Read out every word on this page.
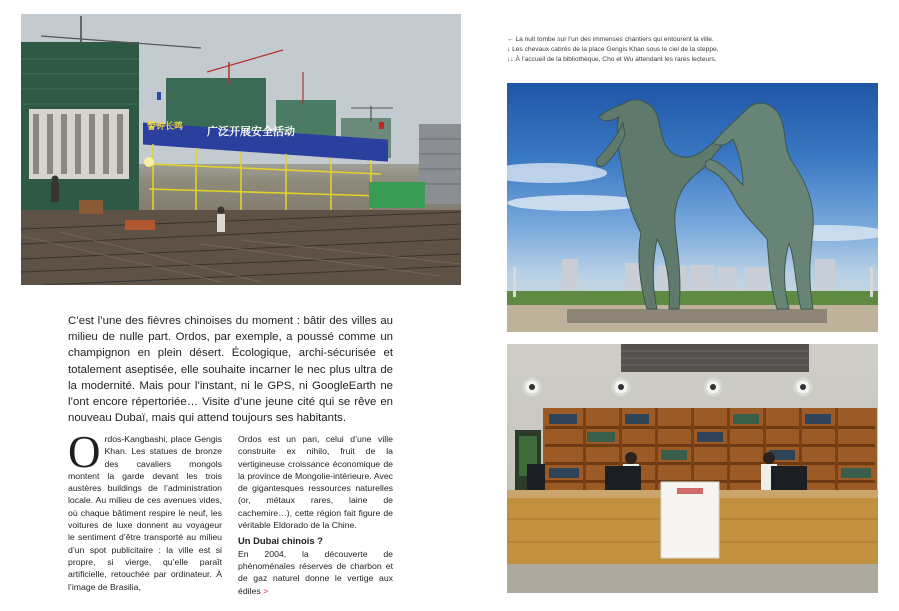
广泛开展安全活动
警钟长鸣
← La nuit tombe sur l’un des immenses chantiers qui entourent la ville.
↓ Les chevaux cabrés de la place Gengis Khan sous le ciel de la steppe.
↓↓ À l’accueil de la bibliothèque, Cho et Wu attendant les rares lecteurs.

C’est l’une des fièvres chinoises du moment : bâtir des villes au milieu de nulle part. Ordos, par exemple, a poussé comme un champignon en plein désert. Écologique, archi-sécurisée et totalement aseptisée, elle souhaite incarner le nec plus ultra de la modernité. Mais pour l’instant, ni le GPS, ni GoogleEarth ne l’ont encore répertoriée… Visite d’une jeune cité qui se rêve en nouveau Dubaï, mais qui attend toujours ses habitants.

O rdos-Kangbashi, place Gengis Khan. Les statues de bronze des cavaliers mongols montent la garde devant les trois austères buildings de l’administration locale. Au milieu de ces avenues vides, où chaque bâtiment respire le neuf, les voitures de luxe donnent au voyageur le sentiment d’être transporté au milieu d’un spot publicitaire : la ville est si propre, si vierge, qu’elle paraît artificielle, retouchée par ordinateur. À l’image de Brasilia,

Ordos est un pari, celui d’une ville construite ex nihilo, fruit de la vertigineuse croissance économique de la province de Mongolie-intérieure. Avec de gigantesques ressources naturelles (or, métaux rares, laine de cachemire…), cette région fait figure de véritable Eldorado de la Chine.

Un Dubai chinois ?

En 2004, la découverte de phénoménales réserves de charbon et de gaz naturel donne le vertige aux édiles >
